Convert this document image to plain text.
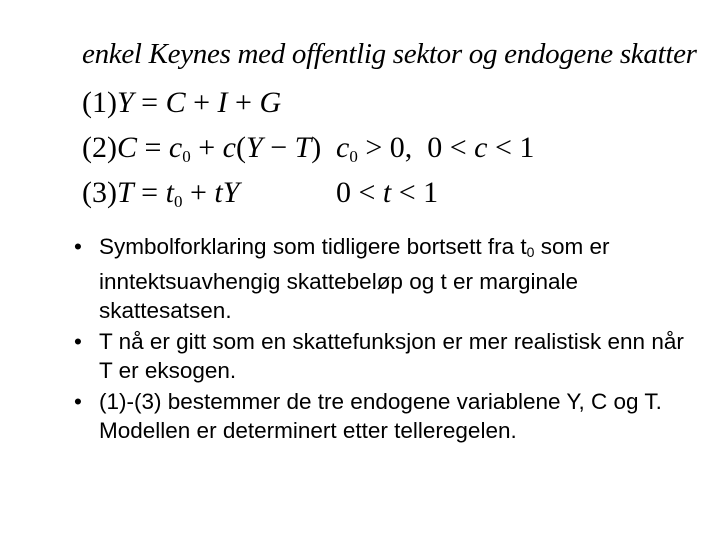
enkel Keynes med offentlig sektor og endogene skatter
(1)Y = C + I + G
$(2)C = c_0 + c(Y - T) c_0 > 0$,  0 < c < 1
$(3)T = t_0$ + tY	0 < t < 1
• Symbolforklaring som tidligere bortsett fra $t_0$ som er inntektsuavhengig skattebeløp og t er marginale skattesatsen.
• T nå er gitt som en skattefunksjon er mer realistisk enn når T er eksogen.
• (1)-(3) bestemmer de tre endogene variablene Y, C og T. Modellen er determinert etter telleregelen.
